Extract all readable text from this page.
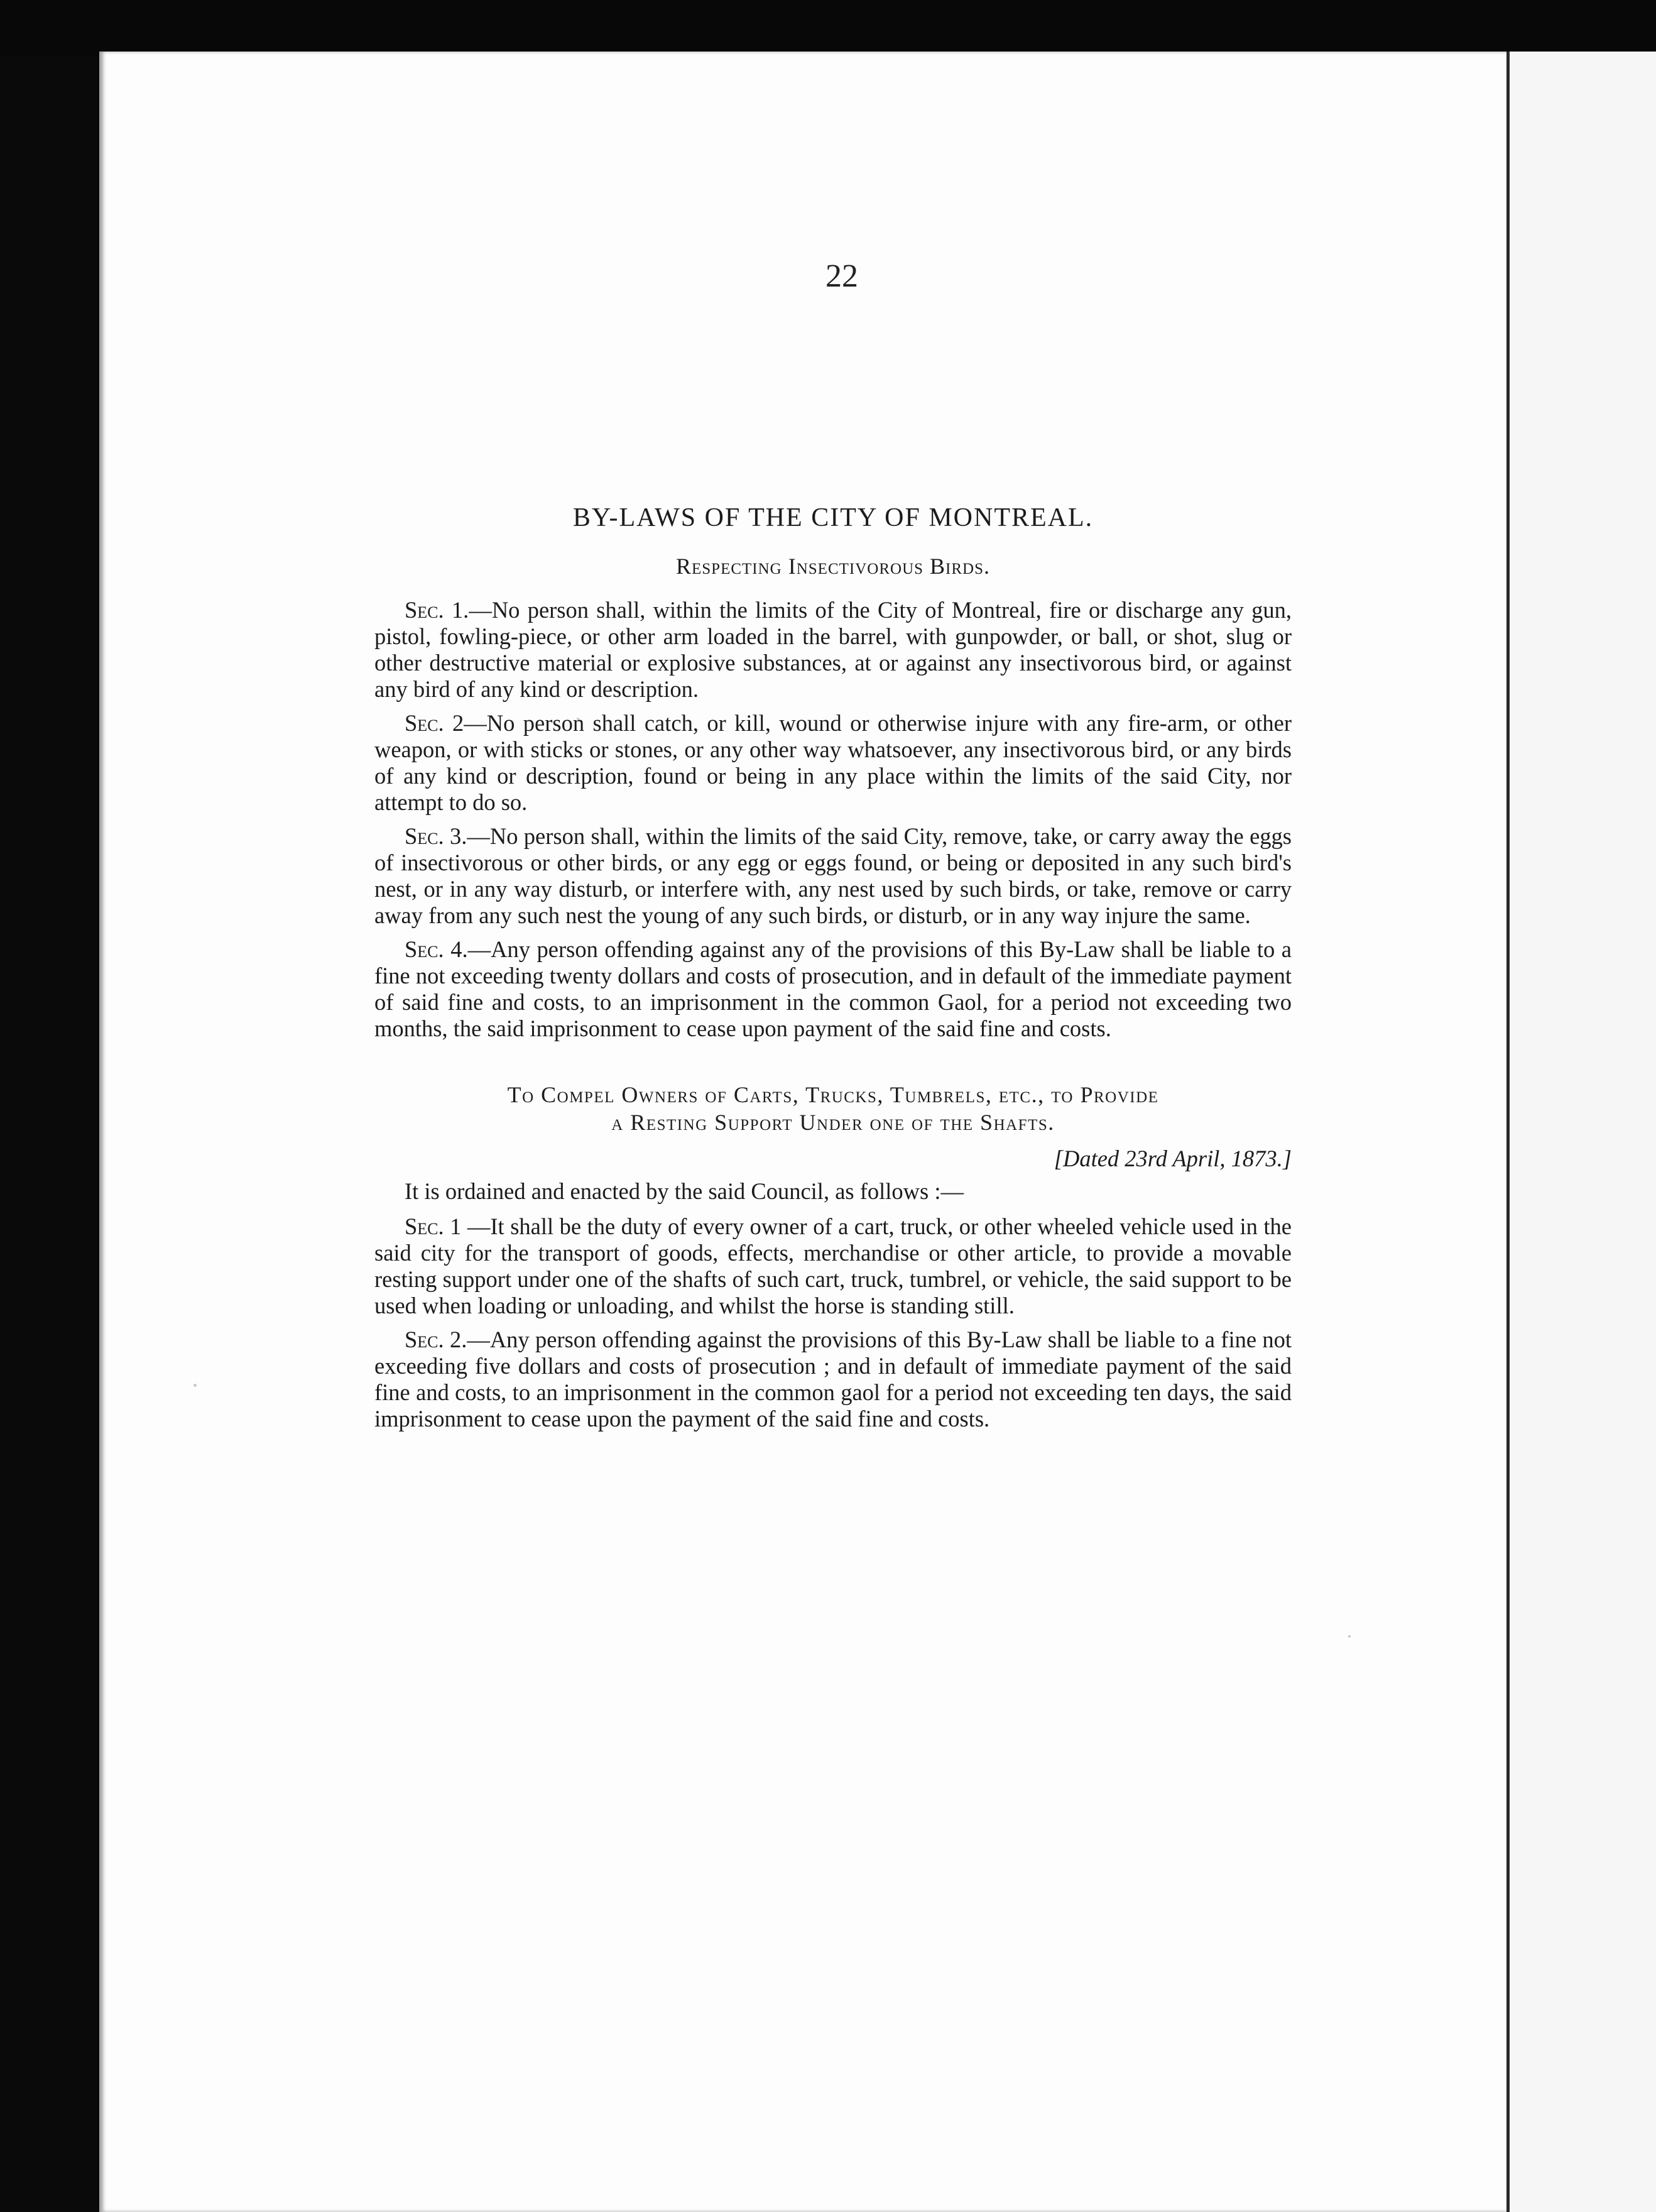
22
BY-LAWS OF THE CITY OF MONTREAL.
Respecting Insectivorous Birds.

Sec. 1.—No person shall, within the limits of the City of Montreal, fire or discharge any gun, pistol, fowling-piece, or other arm loaded in the barrel, with gunpowder, or ball, or shot, slug or other destructive material or explosive substances, at or against any insectivorous bird, or against any bird of any kind or description.

Sec. 2—No person shall catch, or kill, wound or otherwise injure with any fire-arm, or other weapon, or with sticks or stones, or any other way whatsoever, any insectivorous bird, or any birds of any kind or description, found or being in any place within the limits of the said City, nor attempt to do so.

Sec. 3.—No person shall, within the limits of the said City, remove, take, or carry away the eggs of insectivorous or other birds, or any egg or eggs found, or being or deposited in any such bird's nest, or in any way disturb, or interfere with, any nest used by such birds, or take, remove or carry away from any such nest the young of any such birds, or disturb, or in any way injure the same.

Sec. 4.—Any person offending against any of the provisions of this By-Law shall be liable to a fine not exceeding twenty dollars and costs of prosecution, and in default of the immediate payment of said fine and costs, to an imprisonment in the common Gaol, for a period not exceeding two months, the said imprisonment to cease upon payment of the said fine and costs.

To Compel Owners of Carts, Trucks, Tumbrels, etc., to Provide
a Resting Support Under one of the Shafts.
[Dated 23rd April, 1873.]
It is ordained and enacted by the said Council, as follows :—

Sec. 1 —It shall be the duty of every owner of a cart, truck, or other wheeled vehicle used in the said city for the transport of goods, effects, merchandise or other article, to provide a movable resting support under one of the shafts of such cart, truck, tumbrel, or vehicle, the said support to be used when loading or unloading, and whilst the horse is standing still.

Sec. 2.—Any person offending against the provisions of this By-Law shall be liable to a fine not exceeding five dollars and costs of prosecution ; and in default of immediate payment of the said fine and costs, to an imprisonment in the common gaol for a period not exceeding ten days, the said imprisonment to cease upon the payment of the said fine and costs.
